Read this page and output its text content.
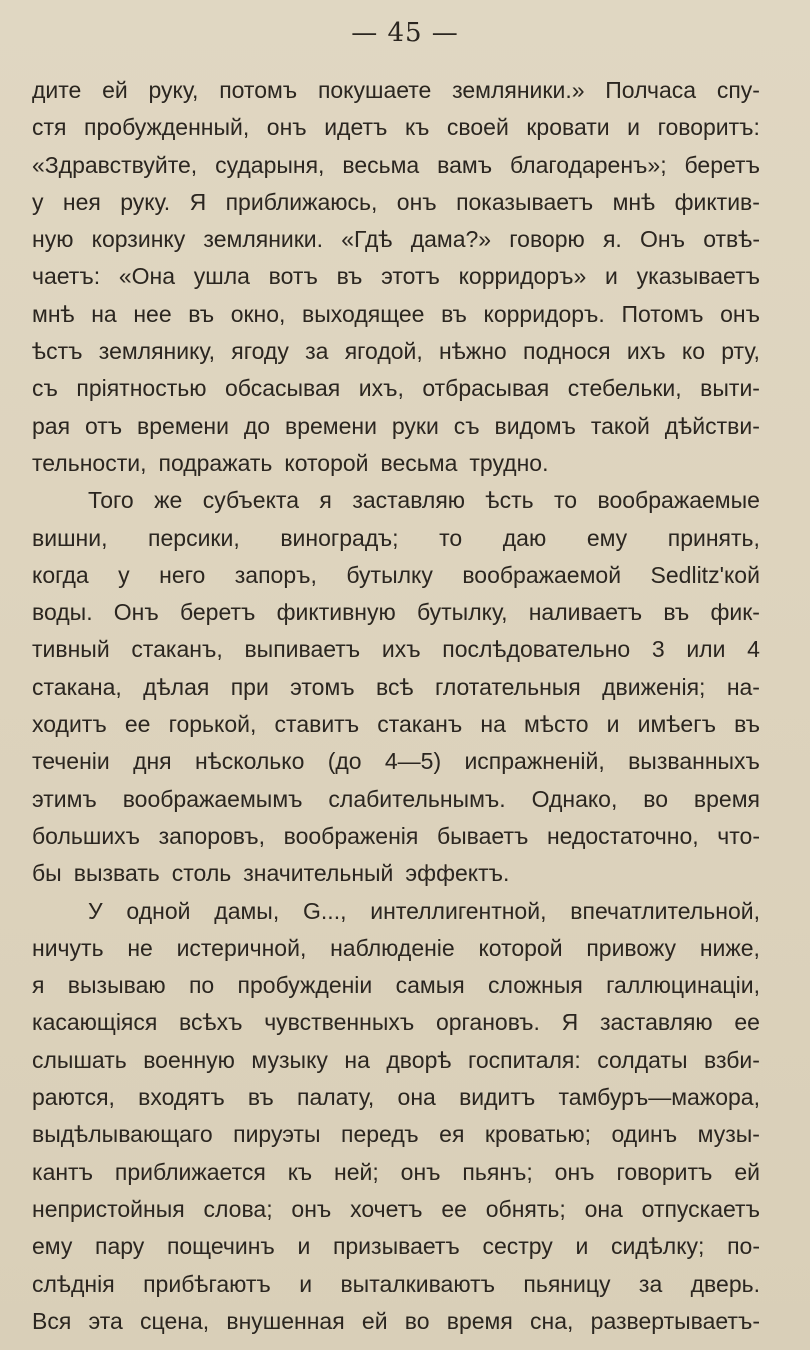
— 45 —
дите ей руку, потомъ покушаете земляники.» Полчаса спу-
стя пробужденный, онъ идетъ къ своей кровати и говоритъ:
«Здравствуйте, сударыня, весьма вамъ благодаренъ»; беретъ
у нея руку. Я приближаюсь, онъ показываетъ мнѣ фиктив-
ную корзинку земляники. «Гдѣ дама?» говорю я. Онъ отвѣ-
чаетъ: «Она ушла вотъ въ этотъ корридоръ» и указываетъ
мнѣ на нее въ окно, выходящее въ корридоръ. Потомъ онъ
ѣстъ землянику, ягоду за ягодой, нѣжно поднося ихъ ко рту,
съ пріятностью обсасывая ихъ, отбрасывая стебельки, выти-
рая отъ времени до времени руки съ видомъ такой дѣйстви-
тельности, подражать которой весьма трудно.
Того же субъекта я заставляю ѣсть то воображаемые
вишни, персики, виноградъ; то даю ему принять,
когда у него запоръ, бутылку воображаемой Sedlitz'кой
воды. Онъ беретъ фиктивную бутылку, наливаетъ въ фик-
тивный стаканъ, выпиваетъ ихъ послѣдовательно 3 или 4
стакана, дѣлая при этомъ всѣ глотательныя движенія; на-
ходитъ ее горькой, ставитъ стаканъ на мѣсто и имѣегъ въ
теченіи дня нѣсколько (до 4—5) испражненій, вызванныхъ
этимъ воображаемымъ слабительнымъ. Однако, во время
большихъ запоровъ, воображенія бываетъ недостаточно, что-
бы вызвать столь значительный эффектъ.
У одной дамы, G..., интеллигентной, впечатлительной,
ничуть не истеричной, наблюденіе которой привожу ниже,
я вызываю по пробужденіи самыя сложныя галлюцинаціи,
касающіяся всѣхъ чувственныхъ органовъ. Я заставляю ее
слышать военную музыку на дворѣ госпиталя: солдаты взби-
раются, входятъ въ палату, она видитъ тамбуръ—мажора,
выдѣлывающаго пируэты передъ ея кроватью; одинъ музы-
кантъ приближается къ ней; онъ пьянъ; онъ говоритъ ей
непристойныя слова; онъ хочетъ ее обнять; она отпускаетъ
ему пару пощечинъ и призываетъ сестру и сидѣлку; по-
слѣднія прибѣгаютъ и выталкиваютъ пьяницу за дверь.
Вся эта сцена, внушенная ей во время сна, развертываетъ-
